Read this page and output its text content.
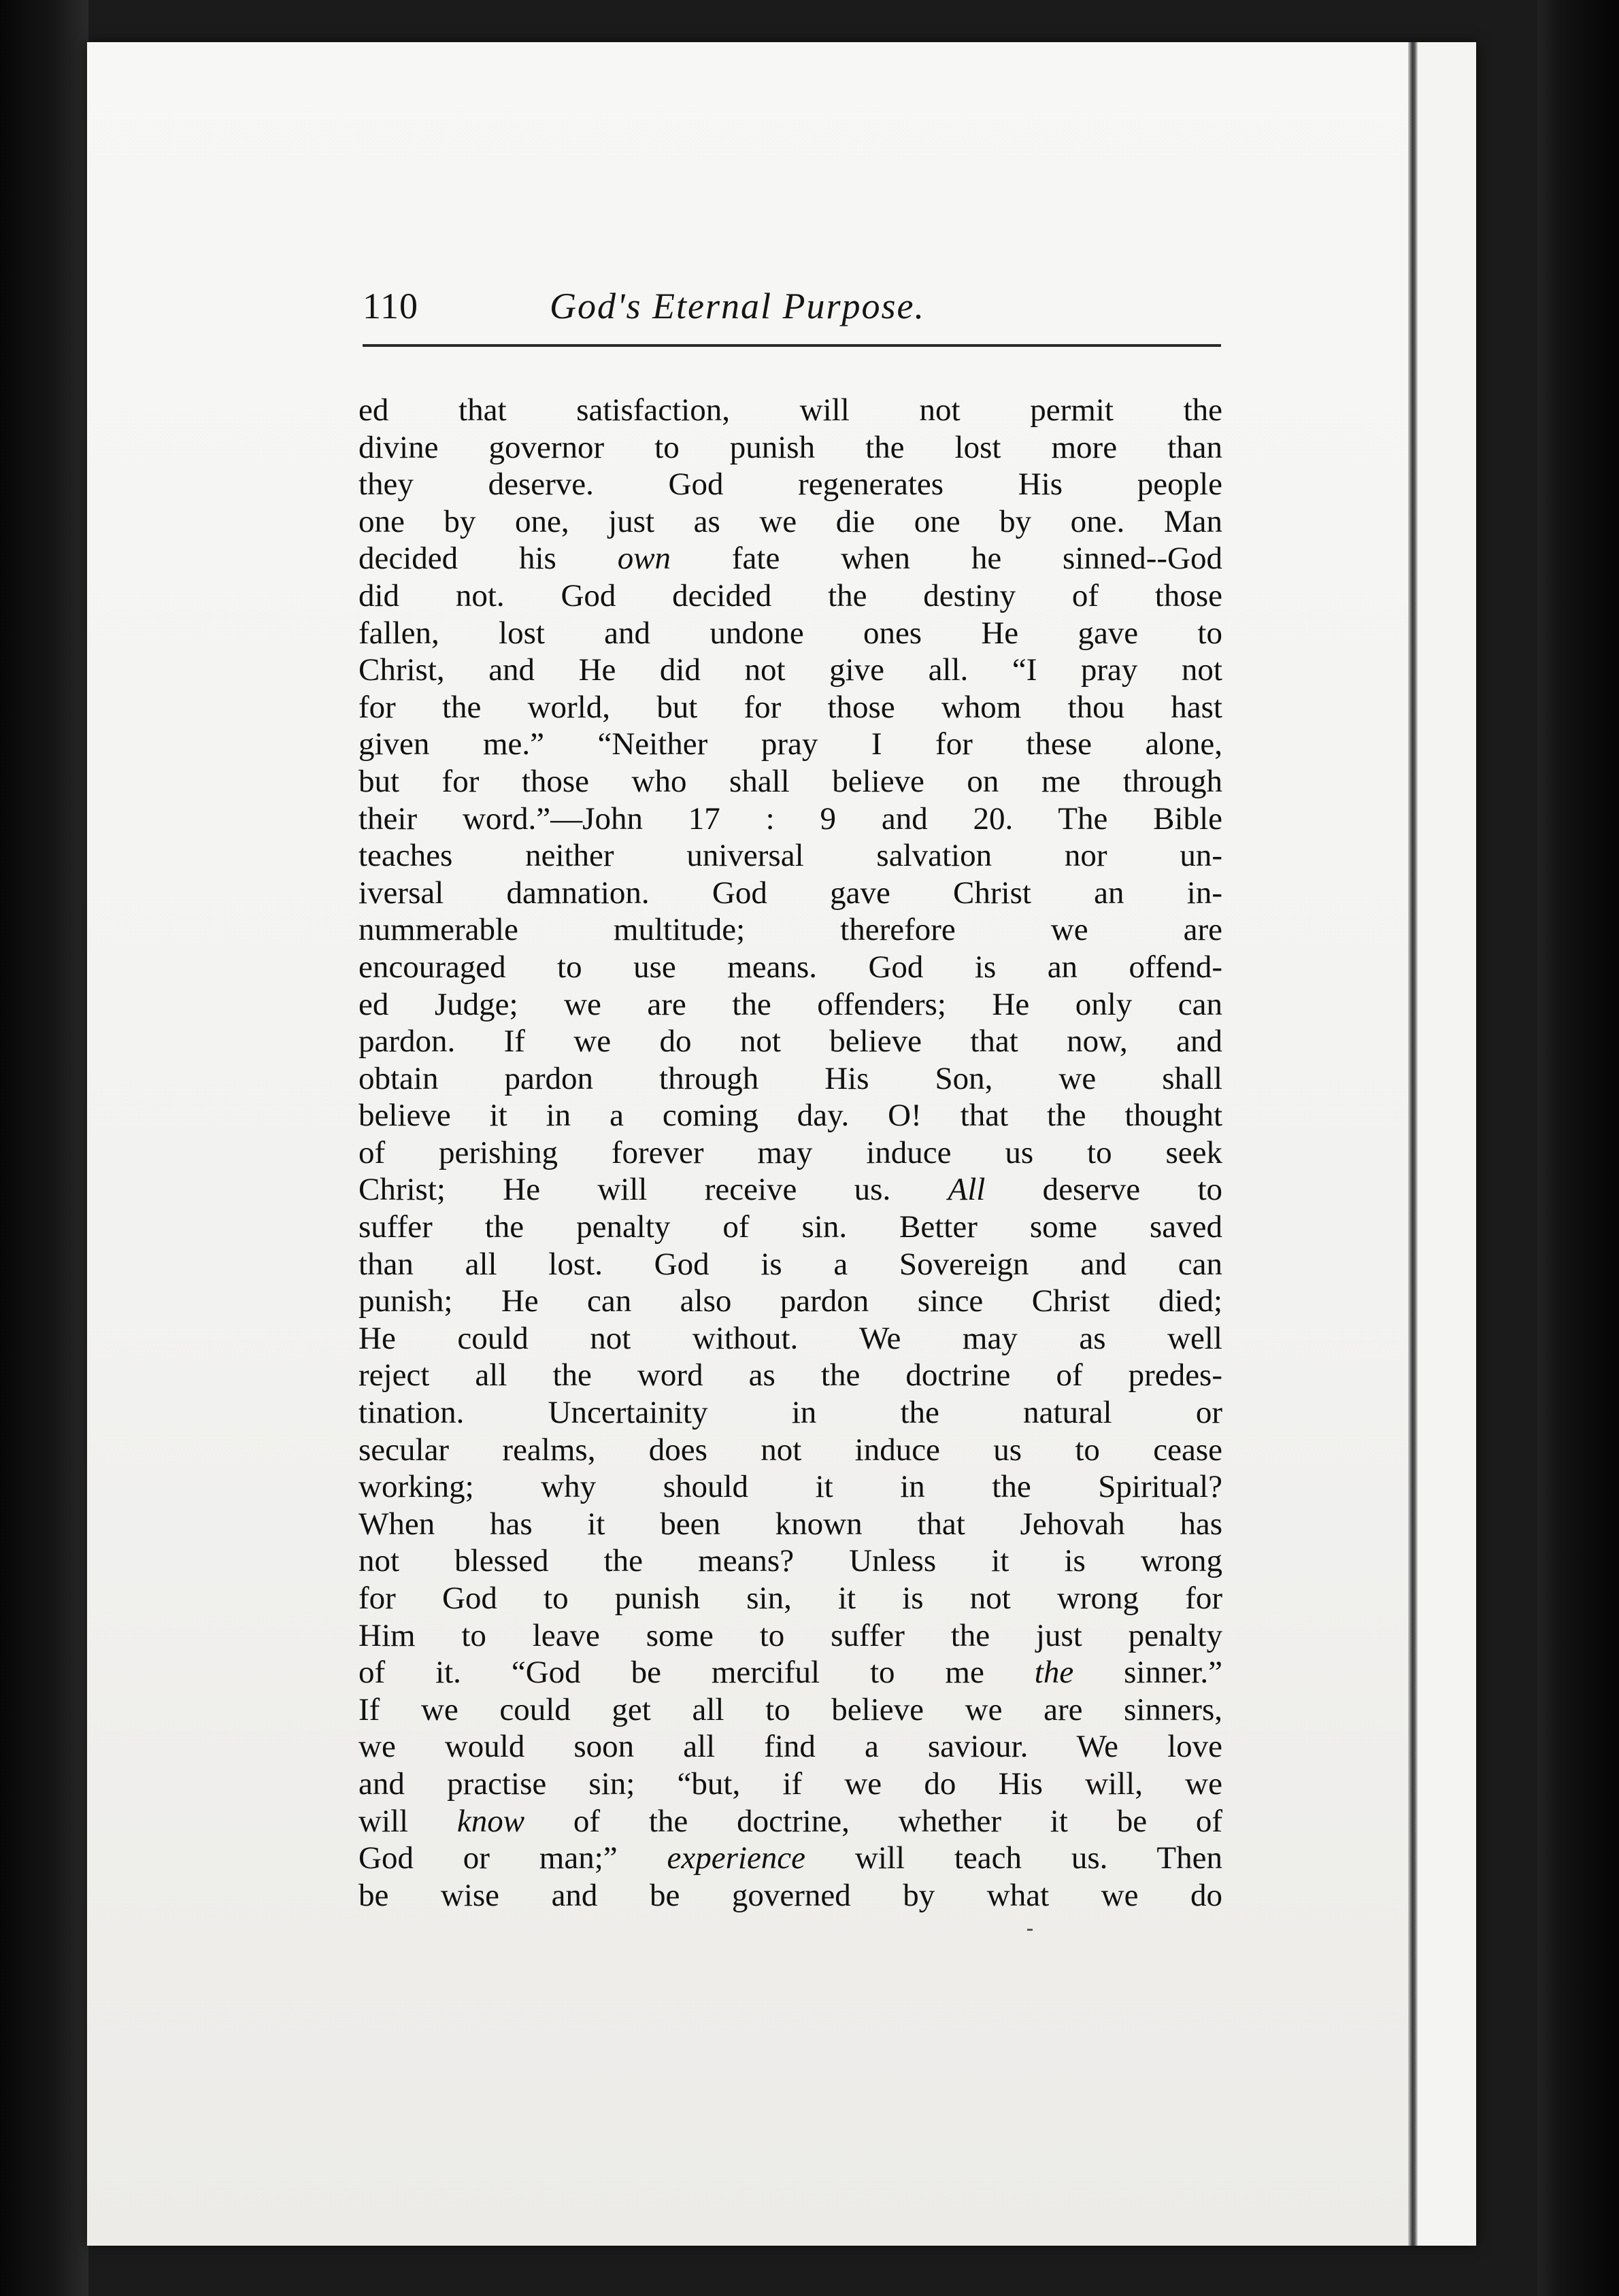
110	God's Eternal Purpose.
ed that satisfaction, will not permit the
divine governor to punish the lost more than
they deserve. God regenerates His people
one by one, just as we die one by one. Man
decided his own fate when he sinned--God
did not. God decided the destiny of those
fallen, lost and undone ones He gave to
Christ, and He did not give all. “I pray not
for the world, but for those whom thou hast
given me.” “Neither pray I for these alone,
but for those who shall believe on me through
their word.”—John 17 : 9 and 20. The Bible
teaches neither universal salvation nor un-
iversal damnation. God gave Christ an in-
nummerable multitude; therefore we are
encouraged to use means. God is an offend-
ed Judge; we are the offenders; He only can
pardon. If we do not believe that now, and
obtain pardon through His Son, we shall
believe it in a coming day. O! that the thought
of perishing forever may induce us to seek
Christ; He will receive us. All deserve to
suffer the penalty of sin. Better some saved
than all lost. God is a Sovereign and can
punish; He can also pardon since Christ died;
He could not without. We may as well
reject all the word as the doctrine of predes-
tination. Uncertainity in the natural or
secular realms, does not induce us to cease
working; why should it in the Spiritual?
When has it been known that Jehovah has
not blessed the means? Unless it is wrong
for God to punish sin, it is not wrong for
Him to leave some to suffer the just penalty
of it. “God be merciful to me the sinner.”
If we could get all to believe we are sinners,
we would soon all find a saviour. We love
and practise sin; “but, if we do His will, we
will know of the doctrine, whether it be of
God or man;” experience will teach us. Then
be wise and be governed by what we do
